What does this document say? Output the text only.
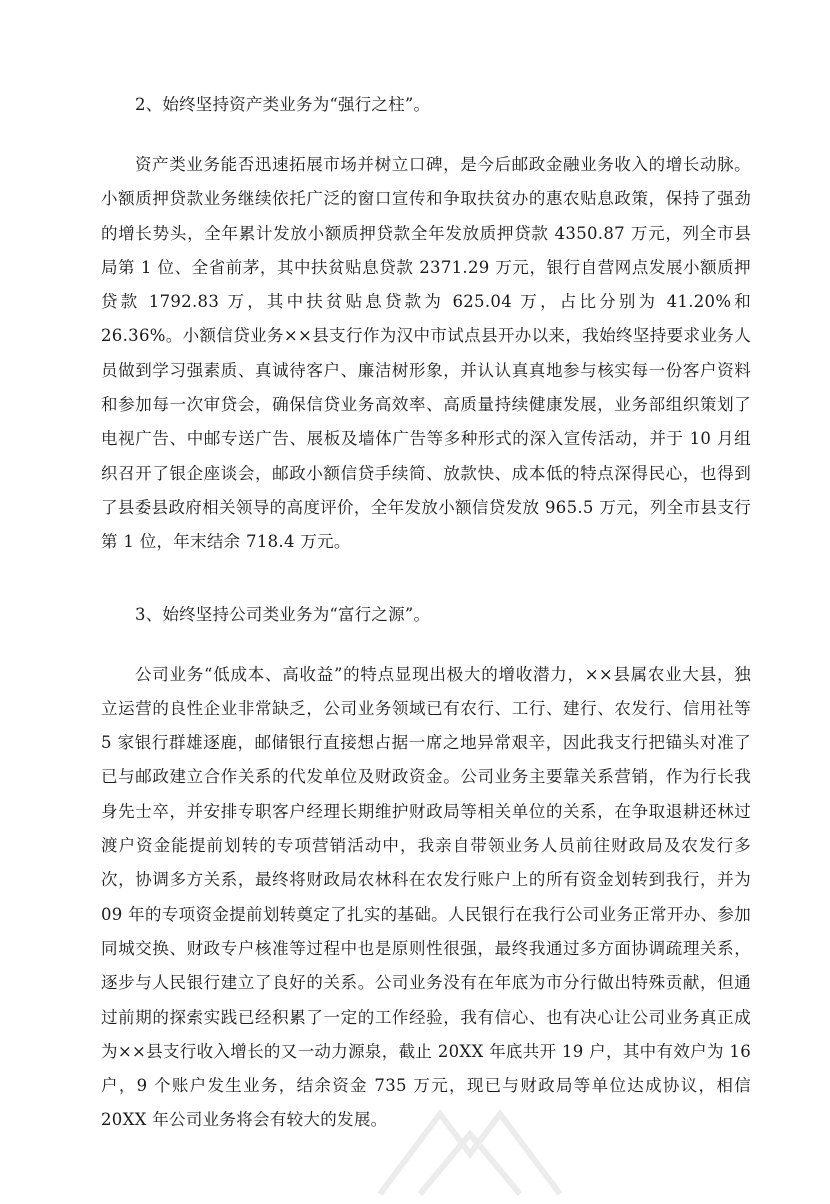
2、始终坚持资产类业务为“强行之柱”。

资产类业务能否迅速拓展市场并树立口碑，是今后邮政金融业务收入的增长动脉。小额质押贷款业务继续依托广泛的窗口宣传和争取扶贫办的惠农贴息政策，保持了强劲的增长势头，全年累计发放小额质押贷款全年发放质押贷款 4350.87 万元，列全市县局第 1 位、全省前茅，其中扶贫贴息贷款 2371.29 万元，银行自营网点发展小额质押贷款 1792.83 万，其中扶贫贴息贷款为 625.04 万，占比分别为 41.20%和 26.36%。小额信贷业务××县支行作为汉中市试点县开办以来，我始终坚持要求业务人员做到学习强素质、真诚待客户、廉洁树形象，并认认真真地参与核实每一份客户资料和参加每一次审贷会，确保信贷业务高效率、高质量持续健康发展，业务部组织策划了电视广告、中邮专送广告、展板及墙体广告等多种形式的深入宣传活动，并于 10 月组织召开了银企座谈会，邮政小额信贷手续简、放款快、成本低的特点深得民心，也得到了县委县政府相关领导的高度评价，全年发放小额信贷发放 965.5 万元，列全市县支行第 1 位，年末结余 718.4 万元。

3、始终坚持公司类业务为“富行之源”。

公司业务“低成本、高收益”的特点显现出极大的增收潜力，××县属农业大县，独立运营的良性企业非常缺乏，公司业务领域已有农行、工行、建行、农发行、信用社等 5 家银行群雄逐鹿，邮储银行直接想占据一席之地异常艰辛，因此我支行把锚头对准了已与邮政建立合作关系的代发单位及财政资金。公司业务主要靠关系营销，作为行长我身先士卒，并安排专职客户经理长期维护财政局等相关单位的关系，在争取退耕还林过渡户资金能提前划转的专项营销活动中，我亲自带领业务人员前往财政局及农发行多次，协调多方关系，最终将财政局农林科在农发行账户上的所有资金划转到我行，并为 09 年的专项资金提前划转奠定了扎实的基础。人民银行在我行公司业务正常开办、参加同城交换、财政专户核准等过程中也是原则性很强，最终我通过多方面协调疏理关系，逐步与人民银行建立了良好的关系。公司业务没有在年底为市分行做出特殊贡献，但通过前期的探索实践已经积累了一定的工作经验，我有信心、也有决心让公司业务真正成为××县支行收入增长的又一动力源泉，截止 20XX 年底共开 19 户，其中有效户为 16 户，9 个账户发生业务，结余资金 735 万元，现已与财政局等单位达成协议，相信 20XX 年公司业务将会有较大的发展。
